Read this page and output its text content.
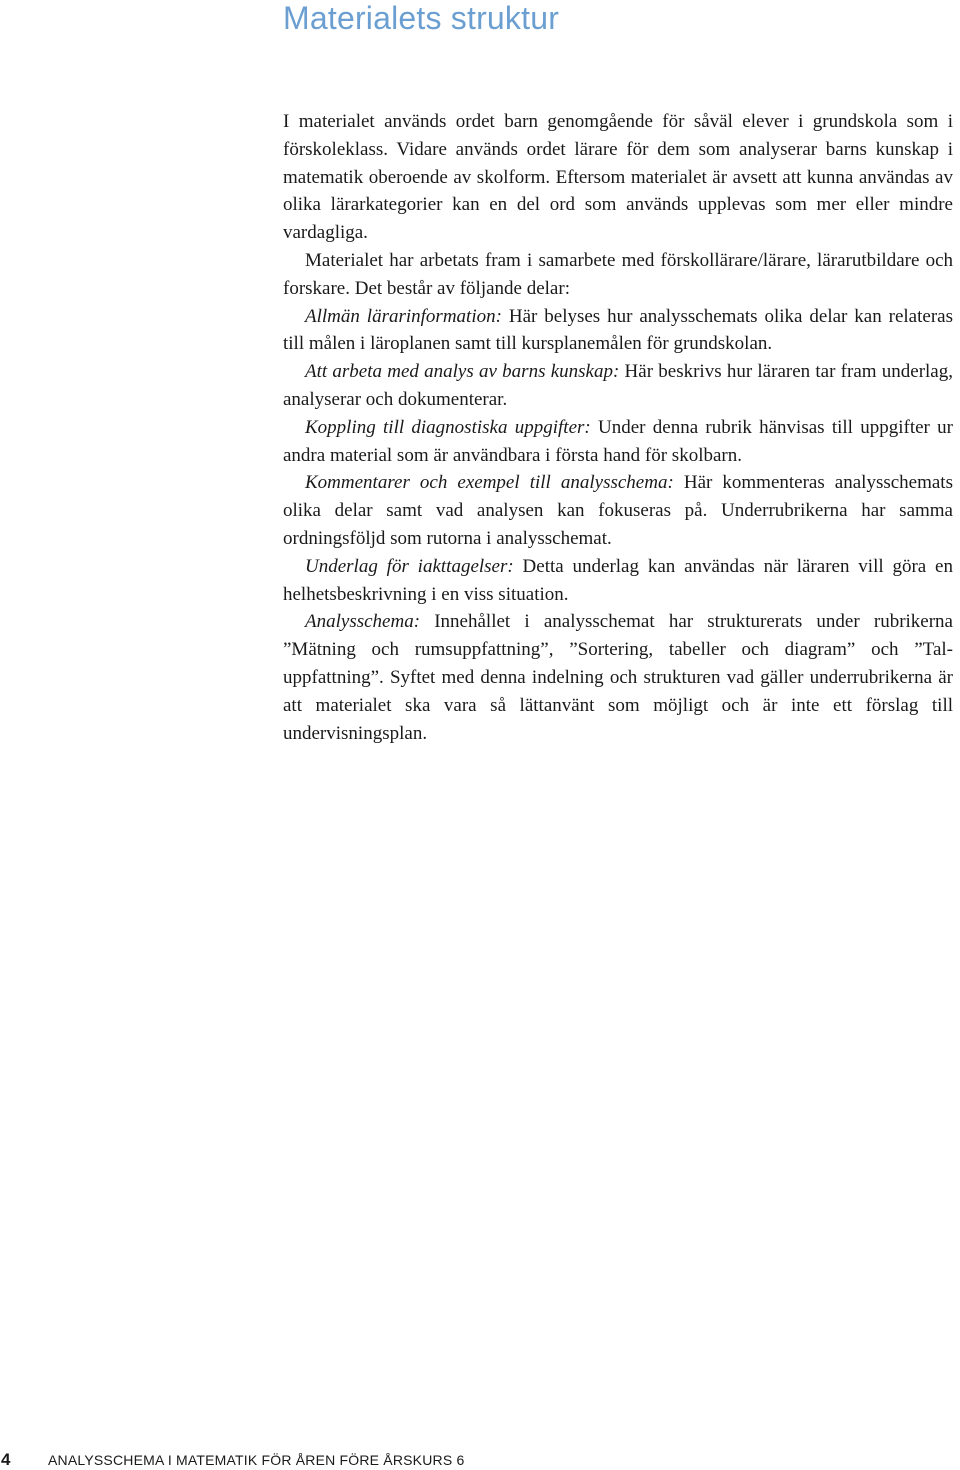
Materialets struktur

I materialet används ordet barn genomgående för såväl elever i grundskola som i förskoleklass. Vidare används ordet lärare för dem som analyserar barns kunskap i matematik oberoende av skolform. Eftersom materialet är avsett att kunna användas av olika lärarkategorier kan en del ord som används upplevas som mer eller mindre vardagliga.

Materialet har arbetats fram i samarbete med förskollärare/lärare, lärarutbildare och forskare. Det består av följande delar:

Allmän lärarinformation: Här belyses hur analysschemats olika delar kan relateras till målen i läroplanen samt till kursplanemålen för grundskolan.

Att arbeta med analys av barns kunskap: Här beskrivs hur läraren tar fram underlag, analyserar och dokumenterar.

Koppling till diagnostiska uppgifter: Under denna rubrik hänvisas till uppgifter ur andra material som är användbara i första hand för skolbarn.

Kommentarer och exempel till analysschema: Här kommenteras analysschemats olika delar samt vad analysen kan fokuseras på. Underrubrikerna har samma ordningsföljd som rutorna i analysschemat.

Underlag för iakttagelser: Detta underlag kan användas när läraren vill göra en helhetsbeskrivning i en viss situation.

Analysschema: Innehållet i analysschemat har strukturerats under rubrikerna ”Mätning och rumsuppfattning”, ”Sortering, tabeller och diagram” och ”Taluppfattning”. Syftet med denna indelning och strukturen vad gäller underrubrikerna är att materialet ska vara så lättanvänt som möjligt och är inte ett förslag till undervisningsplan.

4	ANALYSSCHEMA I MATEMATIK FÖR ÅREN FÖRE ÅRSKURS 6
